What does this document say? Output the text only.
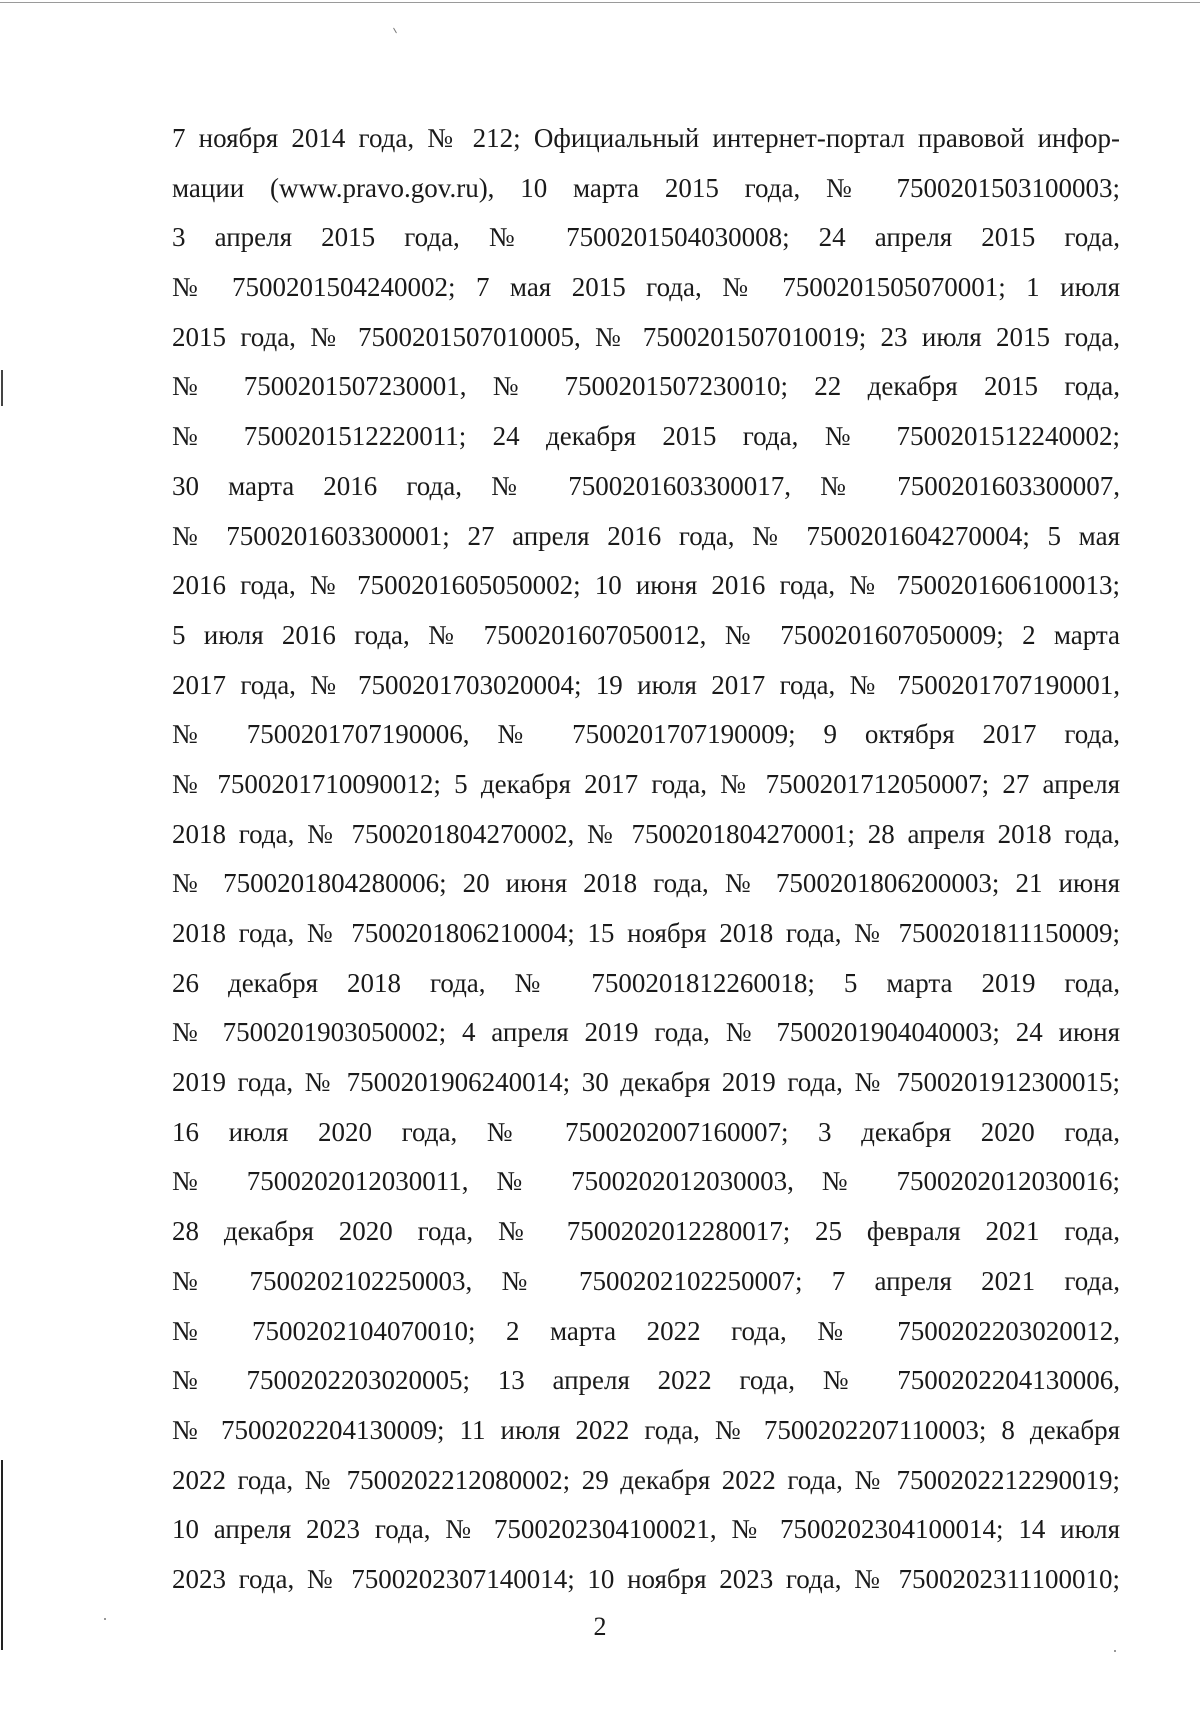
7 ноября 2014 года, № 212; Официальный интернет-портал правовой инфор-
мации (www.pravo.gov.ru), 10 марта 2015 года, № 7500201503100003;
3 апреля 2015 года, № 7500201504030008; 24 апреля 2015 года,
№ 7500201504240002; 7 мая 2015 года, № 7500201505070001; 1 июля
2015 года, № 7500201507010005, № 7500201507010019; 23 июля 2015 года,
№ 7500201507230001, № 7500201507230010; 22 декабря 2015 года,
№ 7500201512220011; 24 декабря 2015 года, № 7500201512240002;
30 марта 2016 года, № 7500201603300017, № 7500201603300007,
№ 7500201603300001; 27 апреля 2016 года, № 7500201604270004; 5 мая
2016 года, № 7500201605050002; 10 июня 2016 года, № 7500201606100013;
5 июля 2016 года, № 7500201607050012, № 7500201607050009; 2 марта
2017 года, № 7500201703020004; 19 июля 2017 года, № 7500201707190001,
№ 7500201707190006, № 7500201707190009; 9 октября 2017 года,
№ 7500201710090012; 5 декабря 2017 года, № 7500201712050007; 27 апреля
2018 года, № 7500201804270002, № 7500201804270001; 28 апреля 2018 года,
№ 7500201804280006; 20 июня 2018 года, № 7500201806200003; 21 июня
2018 года, № 7500201806210004; 15 ноября 2018 года, № 7500201811150009;
26 декабря 2018 года, № 7500201812260018; 5 марта 2019 года,
№ 7500201903050002; 4 апреля 2019 года, № 7500201904040003; 24 июня
2019 года, № 7500201906240014; 30 декабря 2019 года, № 7500201912300015;
16 июля 2020 года, № 7500202007160007; 3 декабря 2020 года,
№ 7500202012030011, № 7500202012030003, № 7500202012030016;
28 декабря 2020 года, № 7500202012280017; 25 февраля 2021 года,
№ 7500202102250003, № 7500202102250007; 7 апреля 2021 года,
№ 7500202104070010; 2 марта 2022 года, № 7500202203020012,
№ 7500202203020005; 13 апреля 2022 года, № 7500202204130006,
№ 7500202204130009; 11 июля 2022 года, № 7500202207110003; 8 декабря
2022 года, № 7500202212080002; 29 декабря 2022 года, № 7500202212290019;
10 апреля 2023 года, № 7500202304100021, № 7500202304100014; 14 июля
2023 года, № 7500202307140014; 10 ноября 2023 года, № 7500202311100010;
2
